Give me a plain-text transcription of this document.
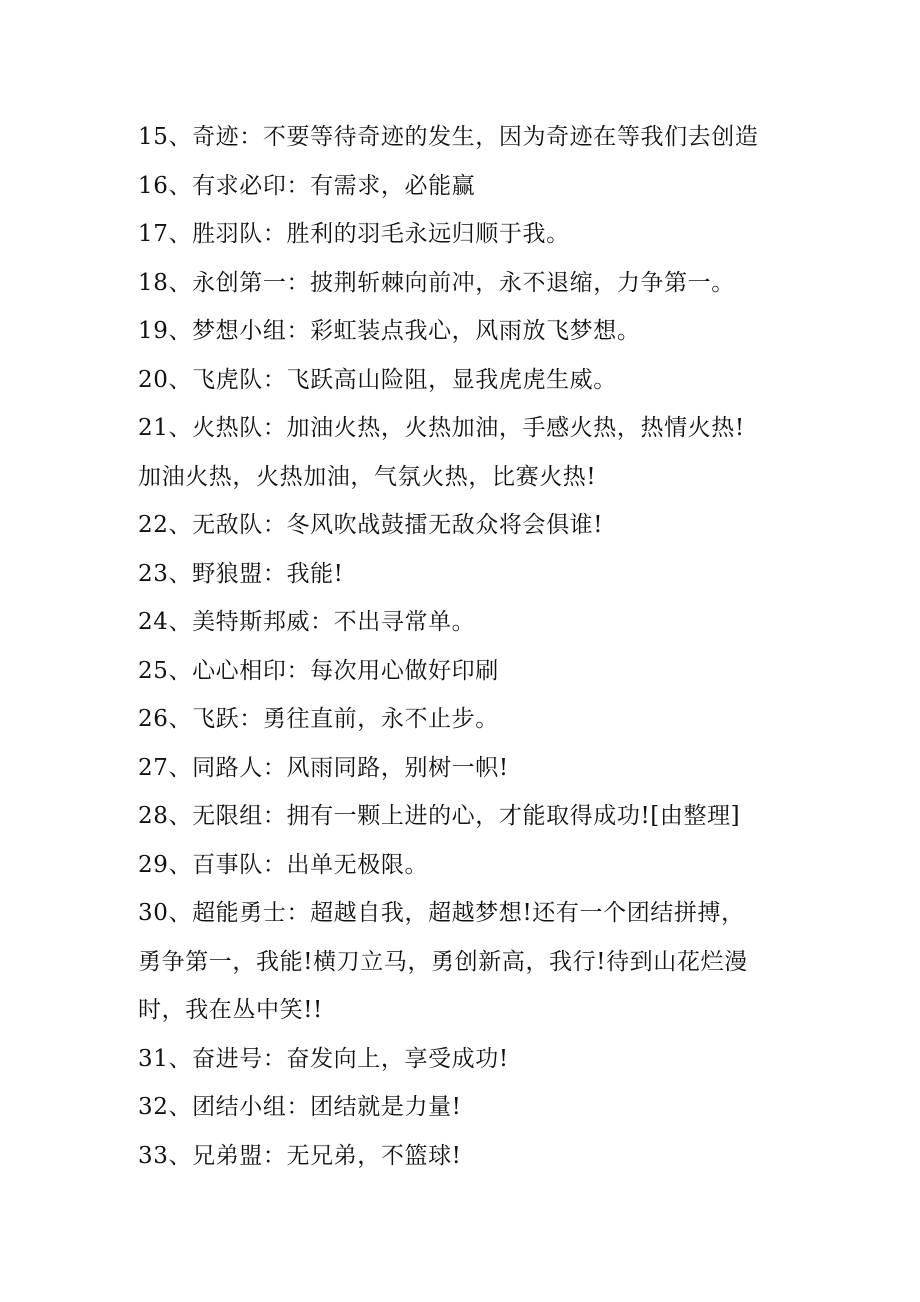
15、奇迹：不要等待奇迹的发生，因为奇迹在等我们去创造

16、有求必印：有需求，必能赢

17、胜羽队：胜利的羽毛永远归顺于我。

18、永创第一：披荆斩棘向前冲，永不退缩，力争第一。

19、梦想小组：彩虹装点我心，风雨放飞梦想。

20、飞虎队：飞跃高山险阻，显我虎虎生威。

21、火热队：加油火热，火热加油，手感火热，热情火热!

加油火热，火热加油，气氛火热，比赛火热!

22、无敌队：冬风吹战鼓擂无敌众将会俱谁!

23、野狼盟：我能!

24、美特斯邦威：不出寻常单。

25、心心相印：每次用心做好印刷

26、飞跃：勇往直前，永不止步。

27、同路人：风雨同路，别树一帜!

28、无限组：拥有一颗上进的心，才能取得成功![由整理]

29、百事队：出单无极限。

30、超能勇士：超越自我，超越梦想!还有一个团结拼搏，

勇争第一，我能!横刀立马，勇创新高，我行!待到山花烂漫

时，我在丛中笑!!

31、奋进号：奋发向上，享受成功!

32、团结小组：团结就是力量!

33、兄弟盟：无兄弟，不篮球!
